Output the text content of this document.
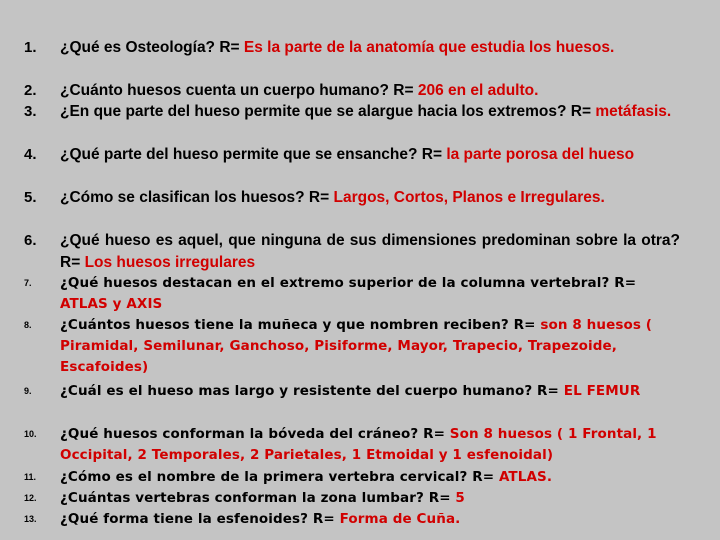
1.	¿Qué es Osteología? R= Es la parte de la anatomía que estudia los huesos.
2.	¿Cuánto huesos cuenta un cuerpo humano? R= 206 en el adulto.
3.	¿En que parte del hueso permite que se alargue hacia los extremos? R= metáfasis.
4.	¿Qué parte del hueso permite que se ensanche? R= la parte porosa del hueso
5.	¿Cómo se clasifican los huesos? R= Largos, Cortos, Planos e Irregulares.
6.	¿Qué hueso es aquel, que ninguna de sus dimensiones predominan sobre la otra? R= Los huesos irregulares
7.	¿Qué huesos destacan en el extremo superior de la columna vertebral? R= ATLAS y AXIS
8.	¿Cuántos huesos tiene la muñeca y que nombren reciben? R= son 8 huesos ( Piramidal, Semilunar, Ganchoso, Pisiforme, Mayor, Trapecio, Trapezoide, Escafoides)
9.	¿Cuál es el hueso mas largo y resistente del cuerpo humano? R= EL FEMUR
10.	¿Qué huesos conforman la bóveda del cráneo? R= Son 8 huesos ( 1 Frontal, 1 Occipital, 2 Temporales, 2 Parietales, 1 Etmoidal y 1 esfenoidal)
11.	¿Cómo es el nombre de la primera vertebra cervical? R= ATLAS.
12.	¿Cuántas vertebras conforman la zona lumbar? R= 5
13.	¿Qué forma tiene la esfenoides? R= Forma de Cuña.
